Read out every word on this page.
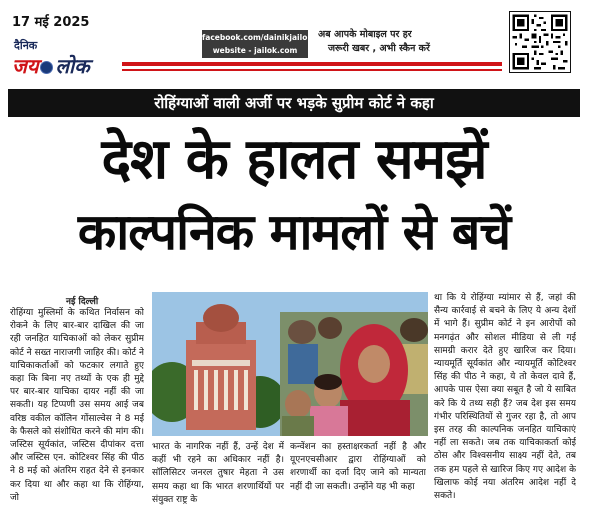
17 मई 2025
दैनिक
जय लोक
facebook.com/dainikjailok
website - jailok.com
अब आपके मोबाइल पर हर
जरूरी खबर , अभी स्कैन करें
रोहिंग्याओं वाली अर्जी पर भड़के सुप्रीम कोर्ट ने कहा
देश के हालत समझें
काल्पनिक मामलों से बचें
नई दिल्ली
रोहिंग्या मुस्लिमों के कथित निर्वासन को रोकने के लिए बार-बार दाखिल की जा रही जनहित याचिकाओं को लेकर सुप्रीम कोर्ट ने सख्त नाराजगी जाहिर की। कोर्ट ने याचिकाकर्ताओं को फटकार लगाते हुए कहा कि बिना नए तथ्यों के एक ही मुद्दे पर बार-बार याचिका दायर नहीं की जा सकती। यह टिप्पणी उस समय आई जब वरिष्ठ वकील कॉलिन गोंसाल्वेस ने 8 मई के फैसले को संशोधित करने की मांग की। जस्टिस सूर्यकांत, जस्टिस दीपांकर दत्ता और जस्टिस एन. कोटिश्वर सिंह की पीठ ने 8 मई को अंतरिम राहत देने से इनकार कर दिया था और कहा था कि रोहिंग्या, जो
भारत के नागरिक नहीं हैं, उन्हें देश में कहीं भी रहने का अधिकार नहीं है। सॉलिसिटर जनरल तुषार मेहता ने उस समय कहा था कि भारत शरणार्थियों पर संयुक्त राष्ट्र के
कन्वेंशन का हस्ताक्षरकर्ता नहीं है और यूएनएचसीआर द्वारा रोहिंग्याओं को शरणार्थी का दर्जा दिए जाने को मान्यता नहीं दी जा सकती। उन्होंने यह भी कहा
था कि ये रोहिंग्या म्यांमार से हैं, जहां की सैन्य कार्रवाई से बचने के लिए ये अन्य देशों में भागे हैं। सुप्रीम कोर्ट ने इन आरोपों को मनगढ़ंत और सोशल मीडिया से ली गई सामग्री करार देते हुए खारिज कर दिया। न्यायमूर्ति सूर्यकांत और न्यायमूर्ति कोटिश्वर सिंह की पीठ ने कहा, ये तो केवल दावे हैं, आपके पास ऐसा क्या सबूत है जो ये साबित करे कि ये तथ्य सही हैं? जब देश इस समय गंभीर परिस्थितियों से गुजर रहा है, तो आप इस तरह की काल्पनिक जनहित याचिकाएं नहीं ला सकते। जब तक याचिकाकर्ता कोई ठोस और विश्वसनीय साक्ष्य नहीं देते, तब तक हम पहले से खारिज किए गए आदेश के खिलाफ कोई नया अंतरिम आदेश नहीं दे सकते।
